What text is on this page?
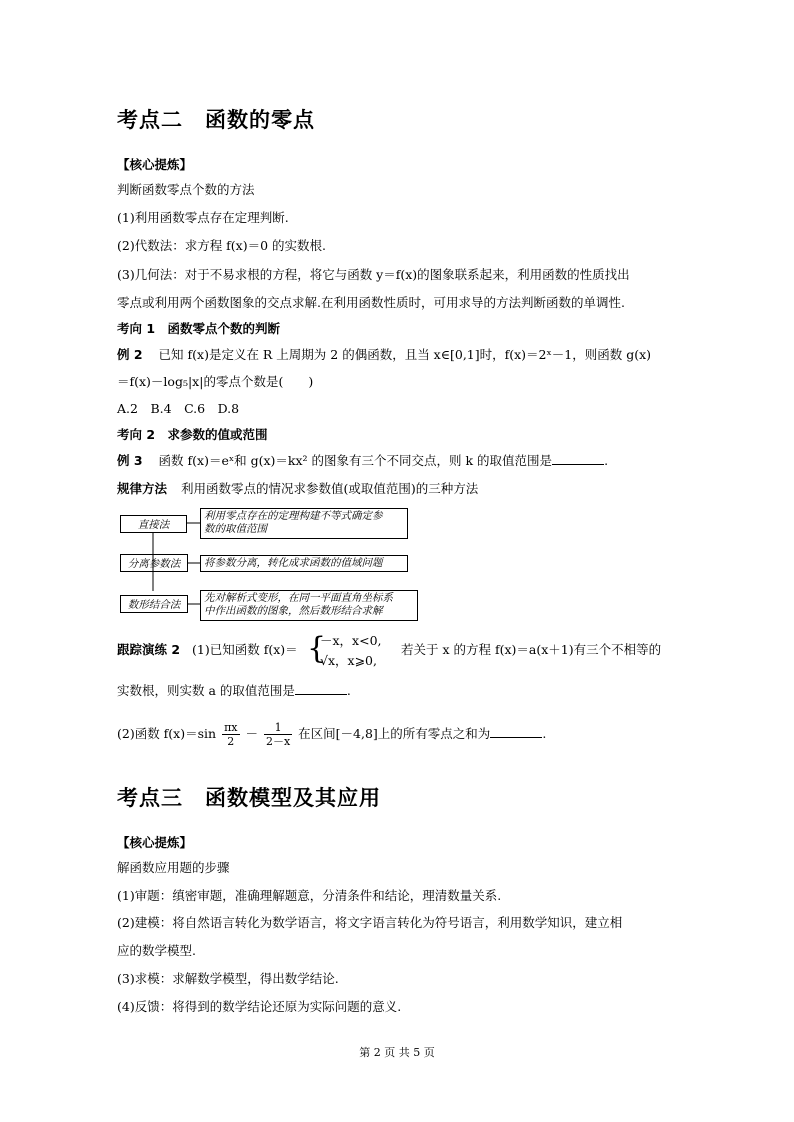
考点二　函数的零点
【核心提炼】
判断函数零点个数的方法
(1)利用函数零点存在定理判断.
(2)代数法：求方程 f(x)＝0 的实数根.
(3)几何法：对于不易求根的方程，将它与函数 y＝f(x)的图象联系起来，利用函数的性质找出
零点或利用两个函数图象的交点求解.在利用函数性质时，可用求导的方法判断函数的单调性.
考向 1　函数零点个数的判断
例 2 已知 f(x)是定义在 R 上周期为 2 的偶函数，且当 x∈[0,1]时，f(x)＝2ˣ－1，则函数 g(x)
＝f(x)－log₅|x|的零点个数是(　　)
A.2　B.4　C.6　D.8
考向 2　求参数的值或范围
例 3 函数 f(x)＝eˣ和 g(x)＝kx² 的图象有三个不同交点，则 k 的取值范围是	.
规律方法 利用函数零点的情况求参数值(或取值范围)的三种方法
直接法
分离参数法
数形结合法
利用零点存在的定理构建不等式确定参
数的取值范围
将参数分离，转化成求函数的值域问题
先对解析式变形，在同一平面直角坐标系
中作出函数的图象，然后数形结合求解
跟踪演练 2 (1)已知函数 f(x)＝ {
－x，x<0,
√x，x⩾0,
若关于 x 的方程 f(x)＝a(x＋1)有三个不相等的
实数根，则实数 a 的取值范围是	.
(2)函数 $f(x)=\sin \frac{\pi x}{2} - \frac{1}{2-x}$ 在区间[－4,8]上的所有零点之和为	.
考点三　函数模型及其应用
【核心提炼】
解函数应用题的步骤
(1)审题：缜密审题，准确理解题意，分清条件和结论，理清数量关系.
(2)建模：将自然语言转化为数学语言，将文字语言转化为符号语言，利用数学知识，建立相
应的数学模型.
(3)求模：求解数学模型，得出数学结论.
(4)反馈：将得到的数学结论还原为实际问题的意义.
第 2 页 共 5 页
